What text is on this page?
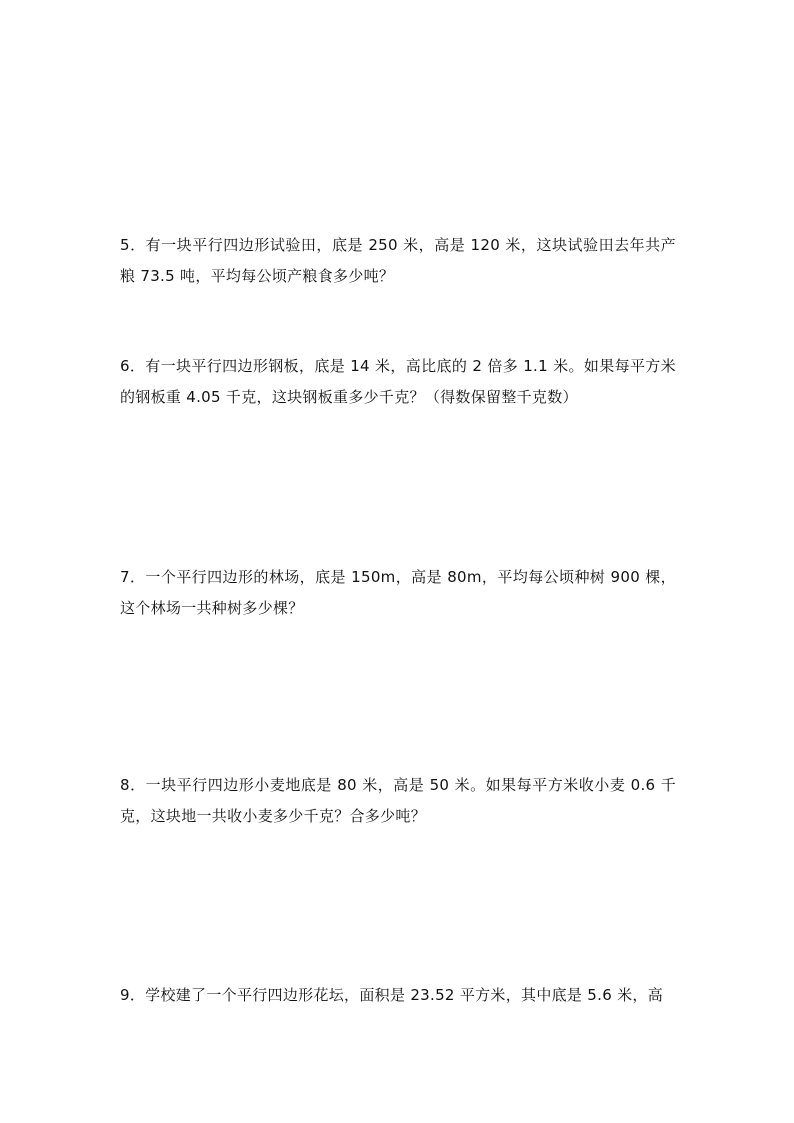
5．有一块平行四边形试验田，底是 250 米，高是 120 米，这块试验田去年共产粮 73.5 吨，平均每公顷产粮食多少吨？
6．有一块平行四边形钢板，底是 14 米，高比底的 2 倍多 1.1 米。如果每平方米的钢板重 4.05 千克，这块钢板重多少千克？（得数保留整千克数）
7．一个平行四边形的林场，底是 150m，高是 80m，平均每公顷种树 900 棵，这个林场一共种树多少棵？
8．一块平行四边形小麦地底是 80 米，高是 50 米。如果每平方米收小麦 0.6 千克，这块地一共收小麦多少千克？合多少吨？
9．学校建了一个平行四边形花坛，面积是 23.52 平方米，其中底是 5.6 米，高
